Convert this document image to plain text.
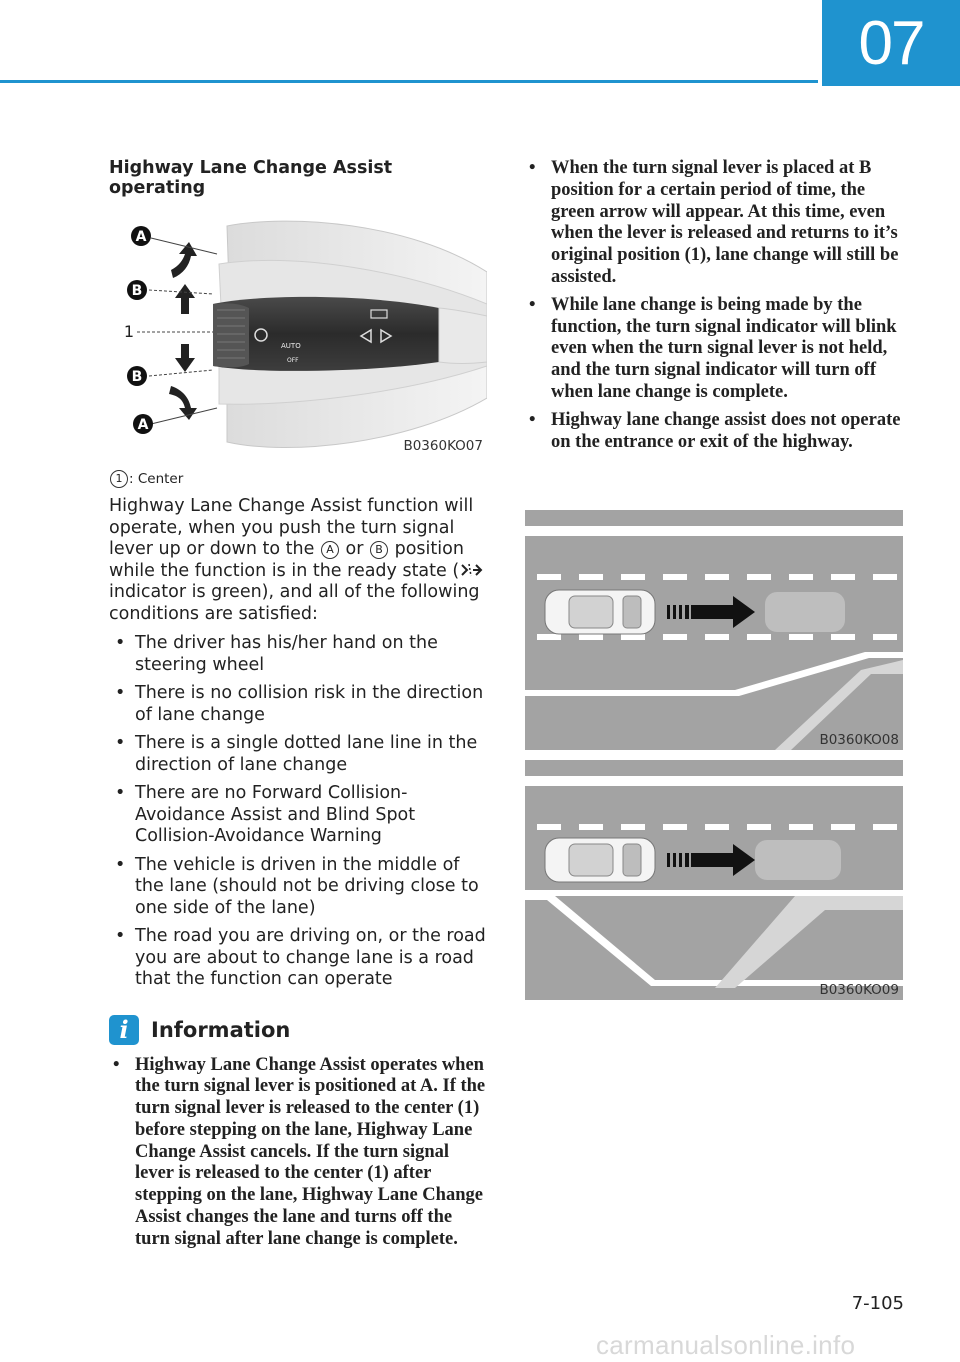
07
Highway Lane Change Assist operating
AUTO
OFF
A
B
1
B
A
B0360KO07
1 : Center

Highway Lane Change Assist function will operate, when you push the turn signal lever up or down to the A or B position while the function is in the ready state ( indicator is green), and all of the following conditions are satisfied:

• The driver has his/her hand on the steering wheel
• There is no collision risk in the direction of lane change
• There is a single dotted lane line in the direction of lane change
• There are no Forward Collision-Avoidance Assist and Blind Spot Collision-Avoidance Warning
• The vehicle is driven in the middle of the lane (should not be driving close to one side of the lane)
• The road you are driving on, or the road you are about to change lane is a road that the function can operate
i	Information
• Highway Lane Change Assist operates when the turn signal lever is positioned at A. If the turn signal lever is released to the center (1) before stepping on the lane, Highway Lane Change Assist cancels. If the turn signal lever is released to the center (1) after stepping on the lane, Highway Lane Change Assist changes the lane and turns off the turn signal after lane change is complete.
• When the turn signal lever is placed at B position for a certain period of time, the green arrow will appear. At this time, even when the lever is released and returns to it’s original position (1), lane change will still be assisted.
• While lane change is being made by the function, the turn signal indicator will blink even when the turn signal lever is not held, and the turn signal indicator will turn off when lane change is complete.
• Highway lane change assist does not operate on the entrance or exit of the highway.
B0360KO08
B0360KO09
7-105
carmanualsonline.info
